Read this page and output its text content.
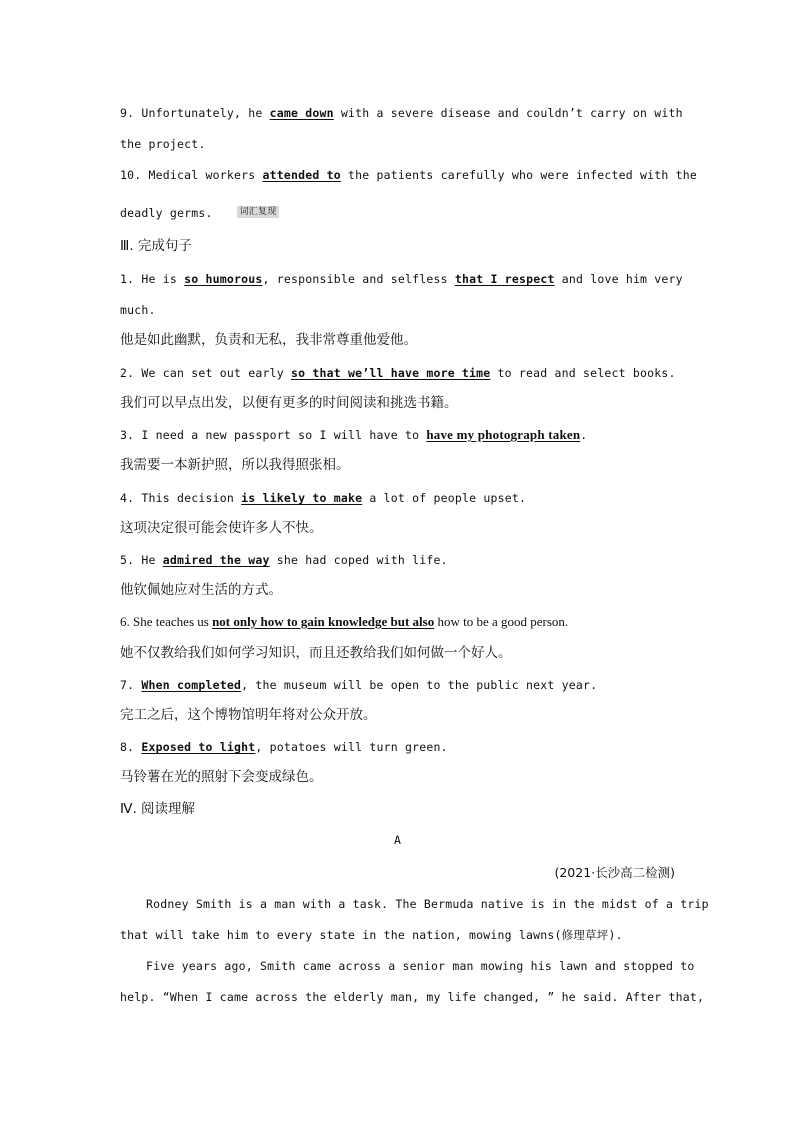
9. Unfortunately, he came down with a severe disease and couldn’t carry on with
the project.
10. Medical workers attended to the patients carefully who were infected with the
deadly germs.	词汇复现
Ⅲ. 完成句子
1. He is so humorous, responsible and selfless that I respect and love him very
much.
他是如此幽默，负责和无私，我非常尊重他爱他。
2. We can set out early so that we’ll have more time to read and select books.
我们可以早点出发，以便有更多的时间阅读和挑选书籍。
3. I need a new passport so I will have to have my photograph taken.
我需要一本新护照，所以我得照张相。
4. This decision is likely to make a lot of people upset.
这项决定很可能会使许多人不快。
5. He admired the way she had coped with life.
他钦佩她应对生活的方式。
6. She teaches us not only how to gain knowledge but also how to be a good person.
她不仅教给我们如何学习知识，而且还教给我们如何做一个好人。
7. When completed, the museum will be open to the public next year.
完工之后，这个博物馆明年将对公众开放。
8. Exposed to light, potatoes will turn green.
马铃薯在光的照射下会变成绿色。
Ⅳ. 阅读理解
A
(2021·长沙高二检测)
Rodney Smith is a man with a task. The Bermuda native is in the midst of a trip
that will take him to every state in the nation, mowing lawns(修理草坪).
Five years ago, Smith came across a senior man mowing his lawn and stopped to
help. “When I came across the elderly man, my life changed, ” he said. After that,
